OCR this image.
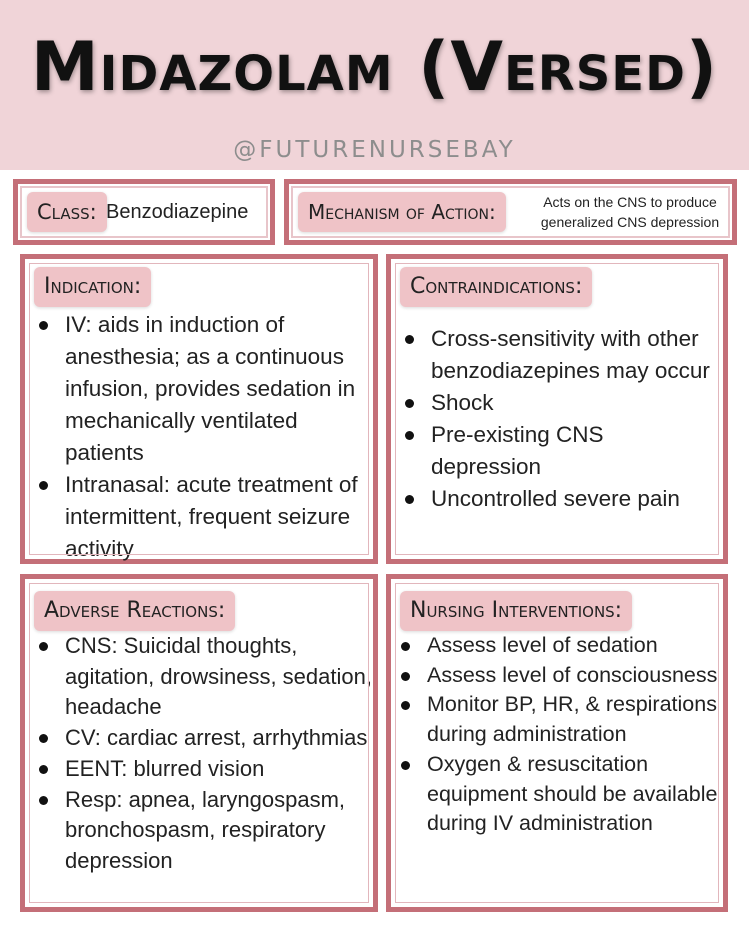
Midazolam (Versed)
@FUTURENURSEBAY
Class: Benzodiazepine	Mechanism of Action:	Acts on the CNS to produce
generalized CNS depression
Indication:
IV: aids in induction of anesthesia; as a continuous infusion, provides sedation in mechanically ventilated patients
Intranasal: acute treatment of intermittent, frequent seizure activity
Contraindications:
Cross-sensitivity with other benzodiazepines may occur
Shock
Pre-existing CNS depression
Uncontrolled severe pain
Adverse Reactions:
CNS: Suicidal thoughts, agitation, drowsiness, sedation, headache
CV: cardiac arrest, arrhythmias
EENT: blurred vision
Resp: apnea, laryngospasm, bronchospasm, respiratory depression
Nursing Interventions:
Assess level of sedation
Assess level of consciousness
Monitor BP, HR, & respirations during administration
Oxygen & resuscitation equipment should be available during IV administration
